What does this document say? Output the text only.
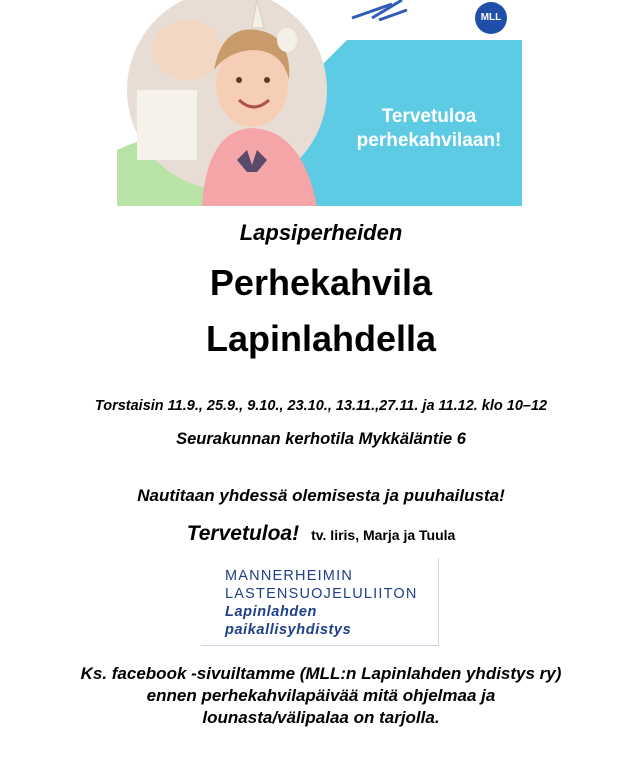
Tervetuloa perhekahvilaan!
MLL
Lapsiperheiden
Perhekahvila
Lapinlahdella
Torstaisin 11.9., 25.9., 9.10., 23.10., 13.11.,27.11. ja 11.12. klo 10–12
Seurakunnan kerhotila Mykkäläntie 6
Nautitaan yhdessä olemisesta ja puuhailusta!
Tervetuloa! tv. Iiris, Marja ja Tuula
MANNERHEIMIN
LASTENSUOJELULIITON
Lapinlahden
paikallisyhdistys
Ks. facebook -sivuiltamme (MLL:n Lapinlahden yhdistys ry)
ennen perhekahvilapäivää mitä ohjelmaa ja
lounasta/välipalaa on tarjolla.
